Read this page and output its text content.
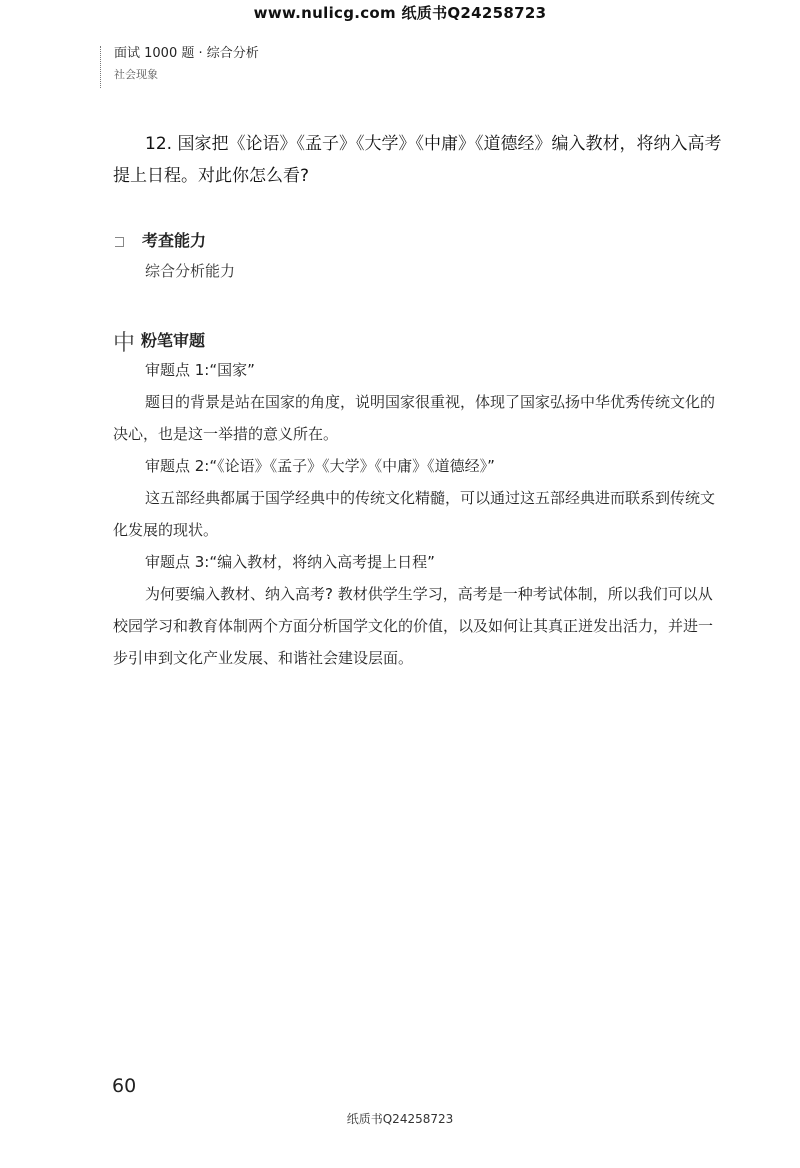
www.nulicg.com 纸质书Q24258723
面试 1000 题 · 综合分析
社会现象
12. 国家把《论语》《孟子》《大学》《中庸》《道德经》编入教材，将纳入高考提上日程。对此你怎么看?
考查能力
综合分析能力
中 粉笔审题

审题点 1:“国家”

题目的背景是站在国家的角度，说明国家很重视，体现了国家弘扬中华优秀传统文化的决心，也是这一举措的意义所在。

审题点 2:“《论语》《孟子》《大学》《中庸》《道德经》”

这五部经典都属于国学经典中的传统文化精髓，可以通过这五部经典进而联系到传统文化发展的现状。

审题点 3:“编入教材，将纳入高考提上日程”

为何要编入教材、纳入高考? 教材供学生学习，高考是一种考试体制，所以我们可以从校园学习和教育体制两个方面分析国学文化的价值，以及如何让其真正迸发出活力，并进一步引申到文化产业发展、和谐社会建设层面。

60
纸质书Q24258723
